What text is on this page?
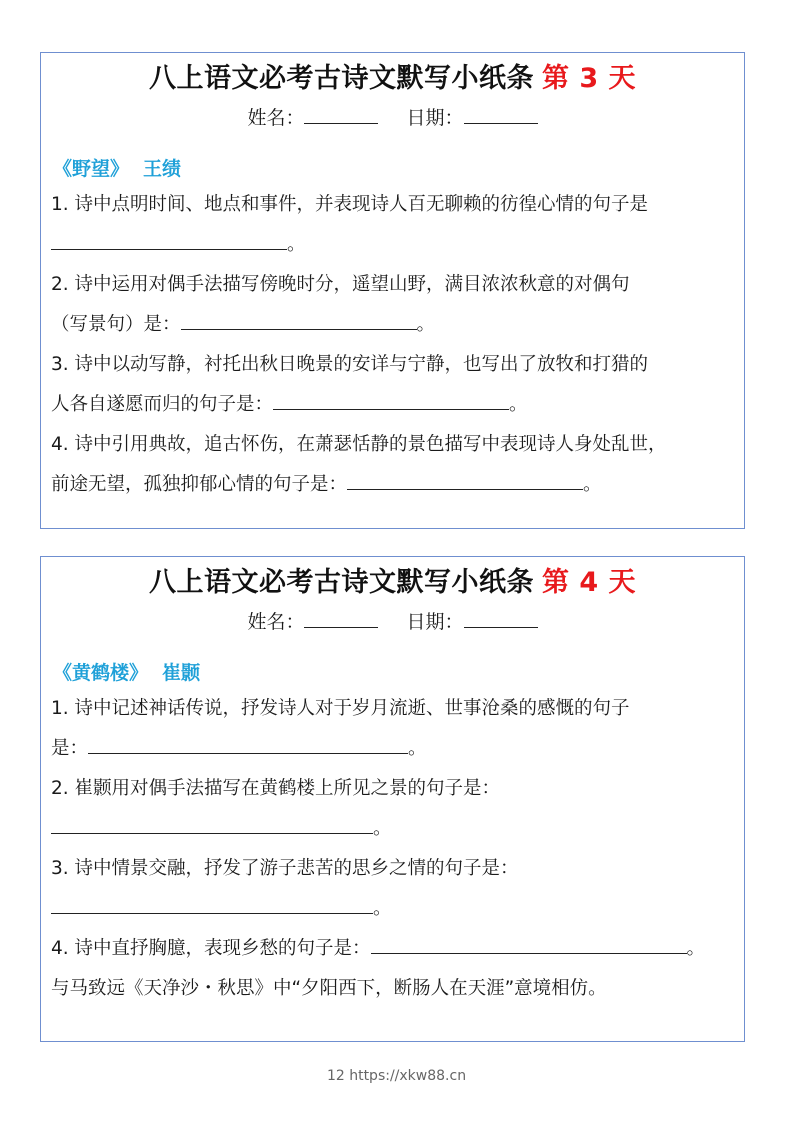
八上语文必考古诗文默写小纸条 第 3 天
姓名：	日期：
《野望》 王绩
1. 诗中点明时间、地点和事件，并表现诗人百无聊赖的彷徨心情的句子是
。
2. 诗中运用对偶手法描写傍晚时分，遥望山野，满目浓浓秋意的对偶句
（写景句）是：	。
3. 诗中以动写静，衬托出秋日晚景的安详与宁静，也写出了放牧和打猎的
人各自遂愿而归的句子是：	。
4. 诗中引用典故，追古怀伤，在萧瑟恬静的景色描写中表现诗人身处乱世，
前途无望，孤独抑郁心情的句子是：	。
八上语文必考古诗文默写小纸条 第 4 天
姓名：	日期：
《黄鹤楼》 崔颢
1. 诗中记述神话传说，抒发诗人对于岁月流逝、世事沧桑的感慨的句子
是：	。
2. 崔颢用对偶手法描写在黄鹤楼上所见之景的句子是：
。
3. 诗中情景交融，抒发了游子悲苦的思乡之情的句子是：
。
4. 诗中直抒胸臆，表现乡愁的句子是：	。
与马致远《天净沙・秋思》中“夕阳西下，断肠人在天涯”意境相仿。
12 https://xkw88.cn
